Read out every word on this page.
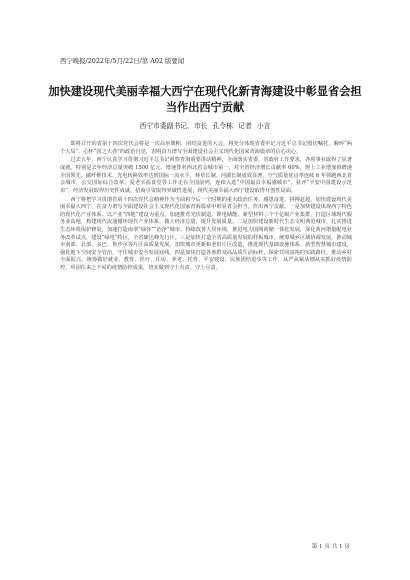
西宁晚报/2022年/5月/22日/第 A02 版要闻
加快建设现代美丽幸福大西宁在现代化新青海建设中彰显省会担当作出西宁贡献
西宁市委副书记、市长 孔令栋 记者 小言

即将召开的省第十四次党代会将是一次高举旗帜、团结奋进的大会。将充分体现省委牢记习近平总书记殷切嘱托，胸怀“两个大局”、心怀“国之大者”的政治自觉，表明奋力谱写全面建设社会主义现代化国家青海篇章的信心决心。

过去五年，西宁认真学习贯彻习近平总书记视察青海重要讲话精神，全面落实省委、省政府工作要求，各项事业取得了显著成就。特别是去年经济总量突破 1500 亿元，增速排名西北省会城市第一，对全省经济增长贡献率 60%，规上工业增加值增速全国领先。碳纤维技术、光电转换效率达到国际一流水平，林草长制、河湖长制成效显著，空气质量优良率连续 6 年领跑西北省会城市，公交国际综合改革、爱老幸福食堂等工作走在全国前列，连续入选“中国最具幸福感城市”，获评“平安中国建设示范市”，经济发展取得历史性成就，招商引资取得突破性进展，现代美丽幸福大西宁建设取得开创性局面。

西宁将把学习贯彻省第十四次党代会精神作为当前和今后一个时期的重大政治任务，感恩奋进、拼搏赶超，加快建设现代美丽幸福大西宁，在奋力谱写全面建设社会主义现代化国家青海篇章中彰显省会担当，作出西宁贡献。一是加快建设体现西宁特色的现代化产业体系。以产业“四地”建设为重点，加速推育光伏制造、锂电储能、新型材料三个千亿级产业集群，打造区域现代服务业高地，构建现代流通循环现代产业体系，做大经济总量，提升发展质量。二是加快建设新时代生态文明典范城市，扎实推进生态环境保护修复，加速打造南翠“绿谷”“治净”城市，持续改善人居环境，推进电力国网荷储一体化发展，深化黄河增量配电业务改革试点，建设“绿电”特区，全省碳达峰先行区。三是加快打造全省高质量发展的样板城市。统筹城乡区域协调发展，推动城市南部、北部、多巴、鲁沙尔等片区高质量发展，加快城市更新和老旧片区改造，推进现代基础设施体系、新型智慧城市建设，强化地下空间安全管治，守住城市安全发展底线。四是加快打造各族群众高品质生活标杆，探索共同富裕的实践路径，推动乡村全面振兴，统筹做好就业、教育、医疗、住房、养老、托育、平安建设、民族团结进步等工作，从严从紧从细从实抓好疫情防控，巩固住来之不易的疫情防控成果，切实做到守土有责、守土尽责。

第 1 页 共 1 页
